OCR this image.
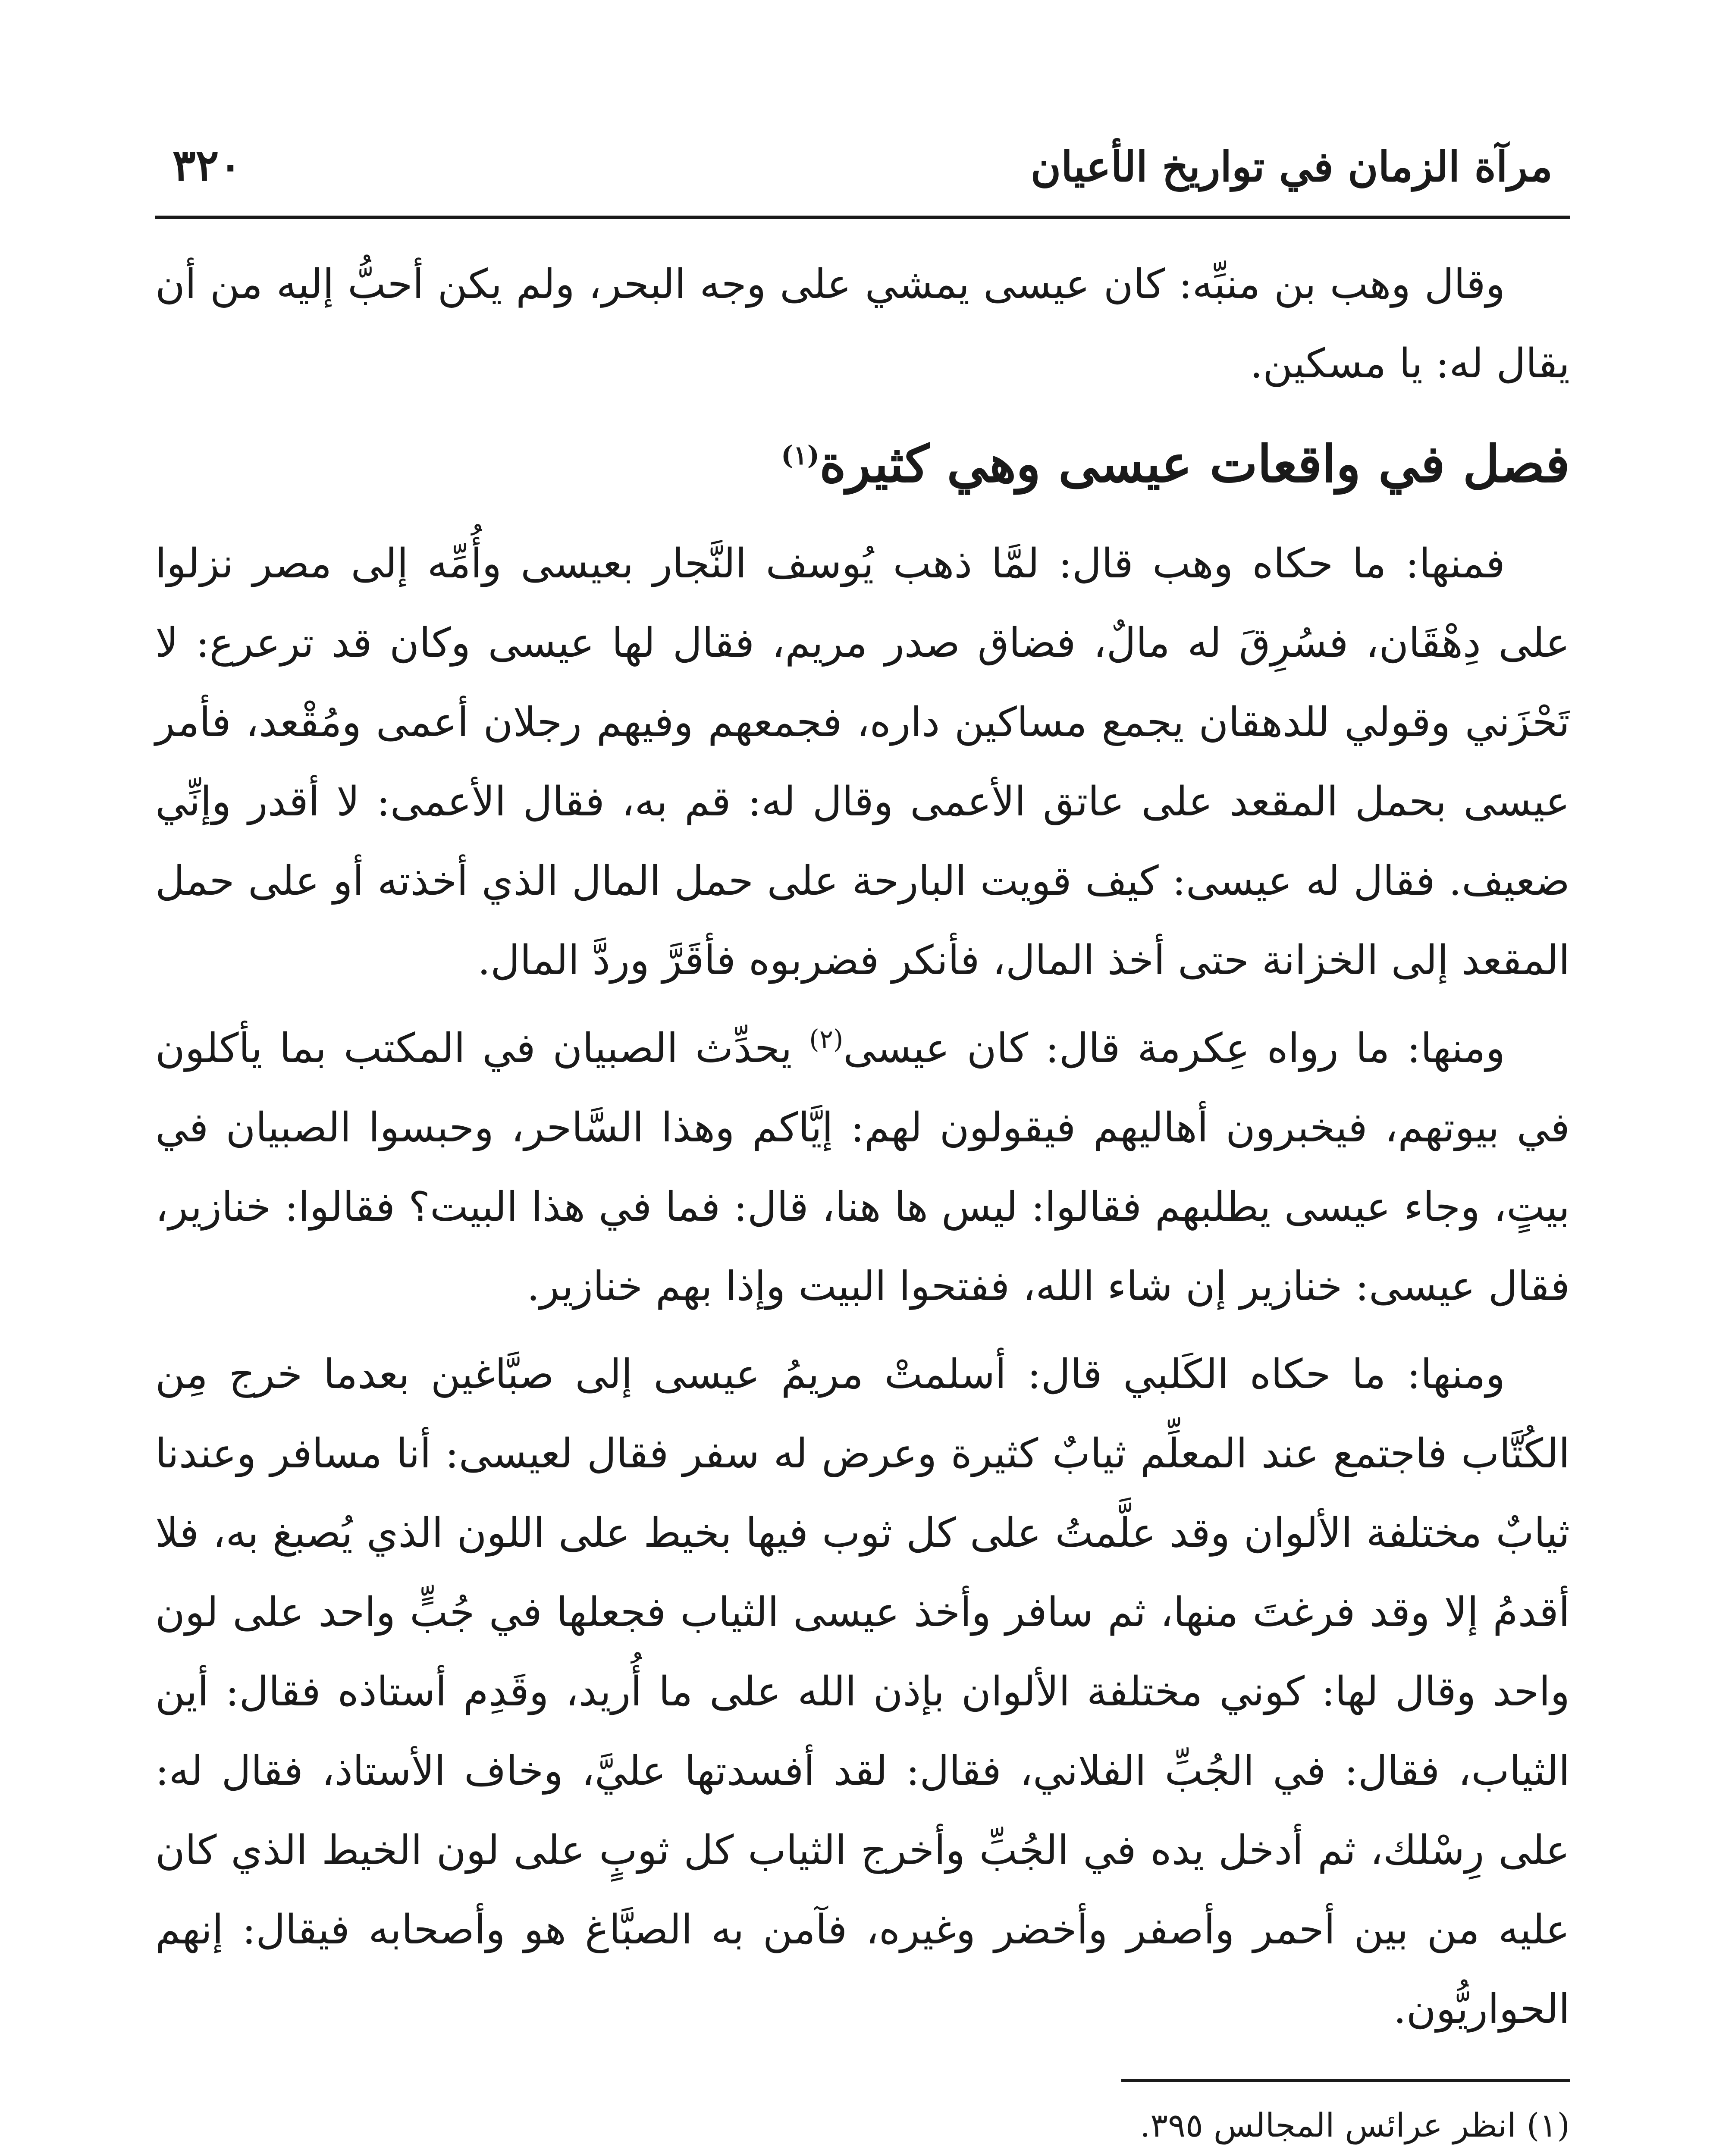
مرآة الزمان في تواريخ الأعيان
٣٢٠

وقال وهب بن منبِّه: كان عيسى يمشي على وجه البحر، ولم يكن أحبُّ إليه من أن يقال له: يا مسكين.

فصل في واقعات عيسى وهي كثيرة$^{(١)}$

فمنها: ما حكاه وهب قال: لمَّا ذهب يُوسف النَّجار بعيسى وأُمِّه إلى مصر نزلوا على دِهْقَان، فسُرِقَ له مالٌ، فضاق صدر مريم، فقال لها عيسى وكان قد ترعرع: لا تَحْزَني وقولي للدهقان يجمع مساكين داره، فجمعهم وفيهم رجلان أعمى ومُقْعد، فأمر عيسى بحمل المقعد على عاتق الأعمى وقال له: قم به، فقال الأعمى: لا أقدر وإنِّي ضعيف. فقال له عيسى: كيف قويت البارحة على حمل المال الذي أخذته أو على حمل المقعد إلى الخزانة حتى أخذ المال، فأنكر فضربوه فأقَرَّ وردَّ المال.

ومنها: ما رواه عِكرمة قال: كان عيسى$^{(٢)}$ يحدِّث الصبيان في المكتب بما يأكلون في بيوتهم، فيخبرون أهاليهم فيقولون لهم: إيَّاكم وهذا السَّاحر، وحبسوا الصبيان في بيتٍ، وجاء عيسى يطلبهم فقالوا: ليس ها هنا، قال: فما في هذا البيت؟ فقالوا: خنازير، فقال عيسى: خنازير إن شاء الله، ففتحوا البيت وإذا بهم خنازير.

ومنها: ما حكاه الكَلبي قال: أسلمتْ مريمُ عيسى إلى صبَّاغين بعدما خرج مِن الكُتَّاب فاجتمع عند المعلِّم ثيابٌ كثيرة وعرض له سفر فقال لعيسى: أنا مسافر وعندنا ثيابٌ مختلفة الألوان وقد علَّمتُ على كل ثوب فيها بخيط على اللون الذي يُصبغ به، فلا أقدمُ إلا وقد فرغتَ منها، ثم سافر وأخذ عيسى الثياب فجعلها في جُبٍّ واحد على لون واحد وقال لها: كوني مختلفة الألوان بإذن الله على ما أُريد، وقَدِم أستاذه فقال: أين الثياب، فقال: في الجُبِّ الفلاني، فقال: لقد أفسدتها عليَّ، وخاف الأستاذ، فقال له: على رِسْلك، ثم أدخل يده في الجُبِّ وأخرج الثياب كل ثوبٍ على لون الخيط الذي كان عليه من بين أحمر وأصفر وأخضر وغيره، فآمن به الصبَّاغ هو وأصحابه فيقال: إنهم الحواريُّون.

(١) انظر عرائس المجالس ٣٩٥.
